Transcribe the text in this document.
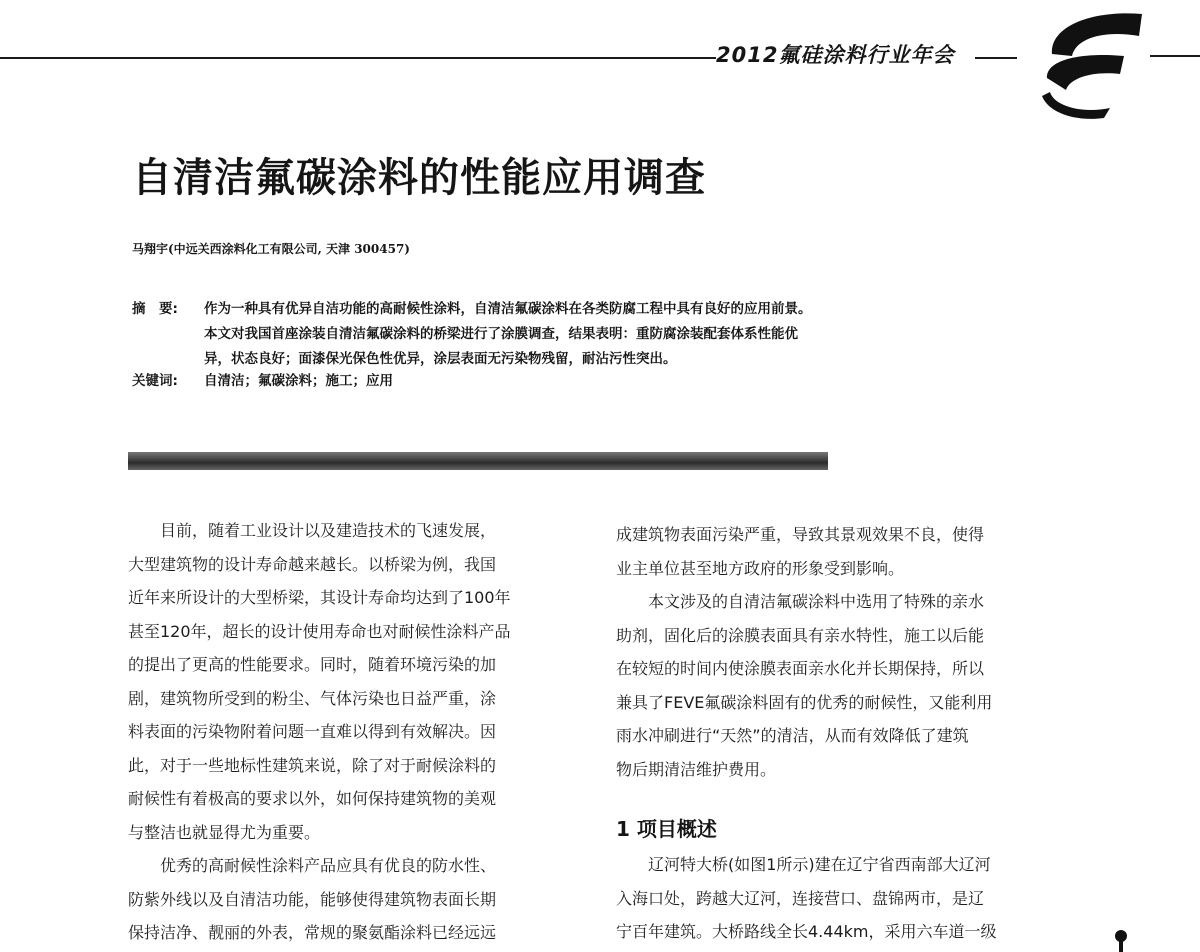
2012氟硅涂料行业年会
自清洁氟碳涂料的性能应用调查
马翔宇(中远关西涂料化工有限公司, 天津 300457)
摘　要: 作为一种具有优异自洁功能的高耐候性涂料，自清洁氟碳涂料在各类防腐工程中具有良好的应用前景。
本文对我国首座涂装自清洁氟碳涂料的桥梁进行了涂膜调查，结果表明：重防腐涂装配套体系性能优
异，状态良好；面漆保光保色性优异，涂层表面无污染物残留，耐沾污性突出。
关键词: 自清洁；氟碳涂料；施工；应用
　　目前，随着工业设计以及建造技术的飞速发展，
大型建筑物的设计寿命越来越长。以桥梁为例，我国
近年来所设计的大型桥梁，其设计寿命均达到了100年
甚至120年，超长的设计使用寿命也对耐候性涂料产品
的提出了更高的性能要求。同时，随着环境污染的加
剧，建筑物所受到的粉尘、气体污染也日益严重，涂
料表面的污染物附着问题一直难以得到有效解决。因
此，对于一些地标性建筑来说，除了对于耐候涂料的
耐候性有着极高的要求以外，如何保持建筑物的美观
与整洁也就显得尤为重要。
　　优秀的高耐候性涂料产品应具有优良的防水性、
防紫外线以及自清洁功能，能够使得建筑物表面长期
保持洁净、靓丽的外表，常规的聚氨酯涂料已经远远
成建筑物表面污染严重，导致其景观效果不良，使得
业主单位甚至地方政府的形象受到影响。
　　本文涉及的自清洁氟碳涂料中选用了特殊的亲水
助剂，固化后的涂膜表面具有亲水特性，施工以后能
在较短的时间内使涂膜表面亲水化并长期保持，所以
兼具了FEVE氟碳涂料固有的优秀的耐候性，又能利用
雨水冲刷进行“天然”的清洁，从而有效降低了建筑
物后期清洁维护费用。
1 项目概述
　　辽河特大桥(如图1所示)建在辽宁省西南部大辽河
入海口处，跨越大辽河，连接营口、盘锦两市，是辽
宁百年建筑。大桥路线全长4.44km，采用六车道一级
